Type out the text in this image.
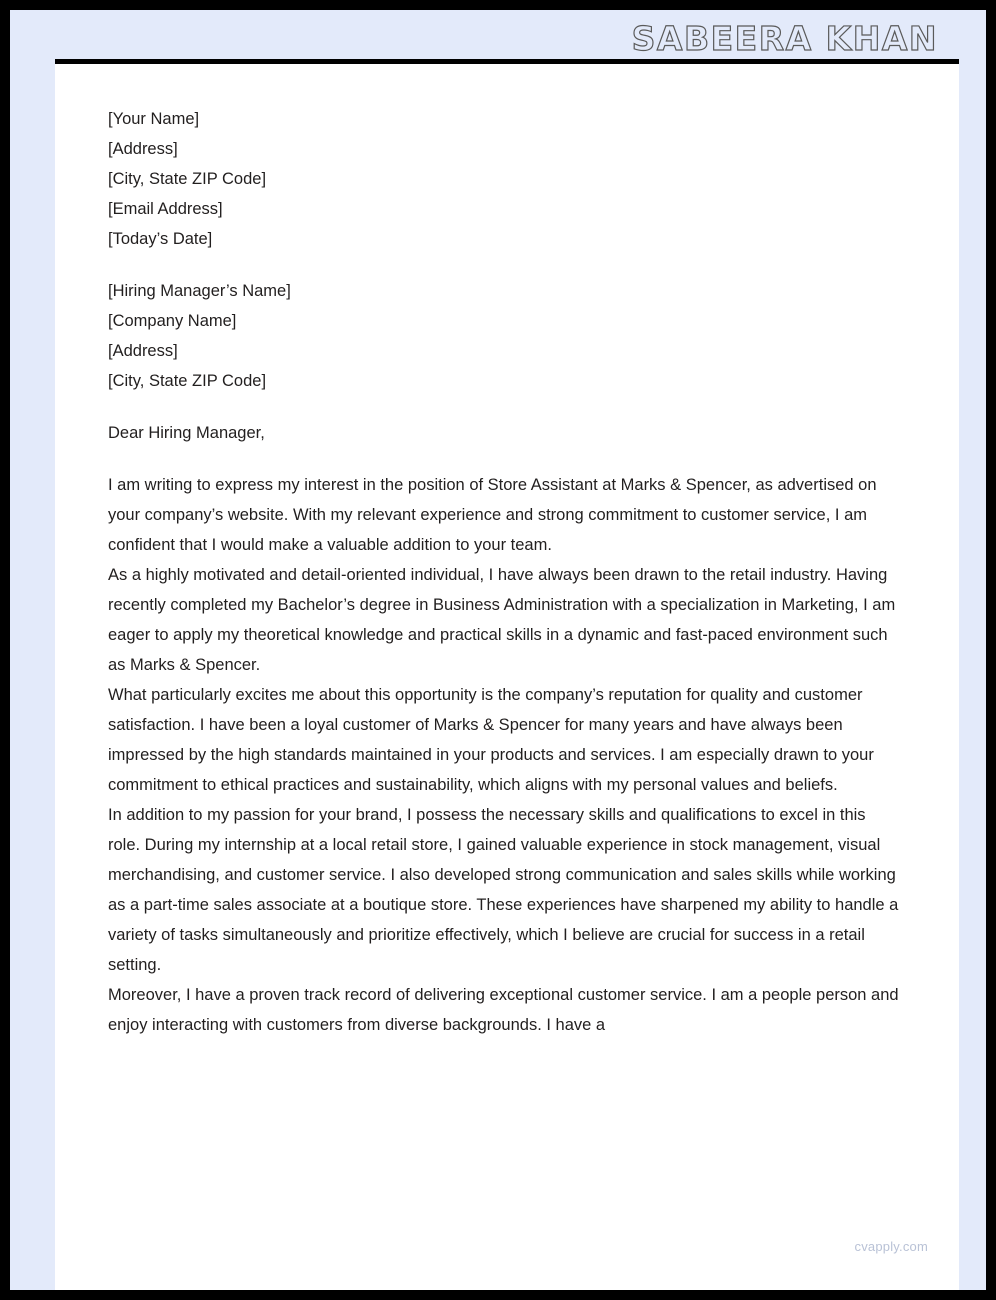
SABEERA KHAN

[Your Name]

[Address]

[City, State ZIP Code]

[Email Address]

[Today’s Date]

[Hiring Manager’s Name]

[Company Name]

[Address]

[City, State ZIP Code]

Dear Hiring Manager,

I am writing to express my interest in the position of Store Assistant at Marks & Spencer, as advertised on your company’s website. With my relevant experience and strong commitment to customer service, I am confident that I would make a valuable addition to your team.

As a highly motivated and detail-oriented individual, I have always been drawn to the retail industry. Having recently completed my Bachelor’s degree in Business Administration with a specialization in Marketing, I am eager to apply my theoretical knowledge and practical skills in a dynamic and fast-paced environment such as Marks & Spencer.

What particularly excites me about this opportunity is the company’s reputation for quality and customer satisfaction. I have been a loyal customer of Marks & Spencer for many years and have always been impressed by the high standards maintained in your products and services. I am especially drawn to your commitment to ethical practices and sustainability, which aligns with my personal values and beliefs.

In addition to my passion for your brand, I possess the necessary skills and qualifications to excel in this role. During my internship at a local retail store, I gained valuable experience in stock management, visual merchandising, and customer service. I also developed strong communication and sales skills while working as a part-time sales associate at a boutique store. These experiences have sharpened my ability to handle a variety of tasks simultaneously and prioritize effectively, which I believe are crucial for success in a retail setting.

Moreover, I have a proven track record of delivering exceptional customer service. I am a people person and enjoy interacting with customers from diverse backgrounds. I have a

cvapply.com
